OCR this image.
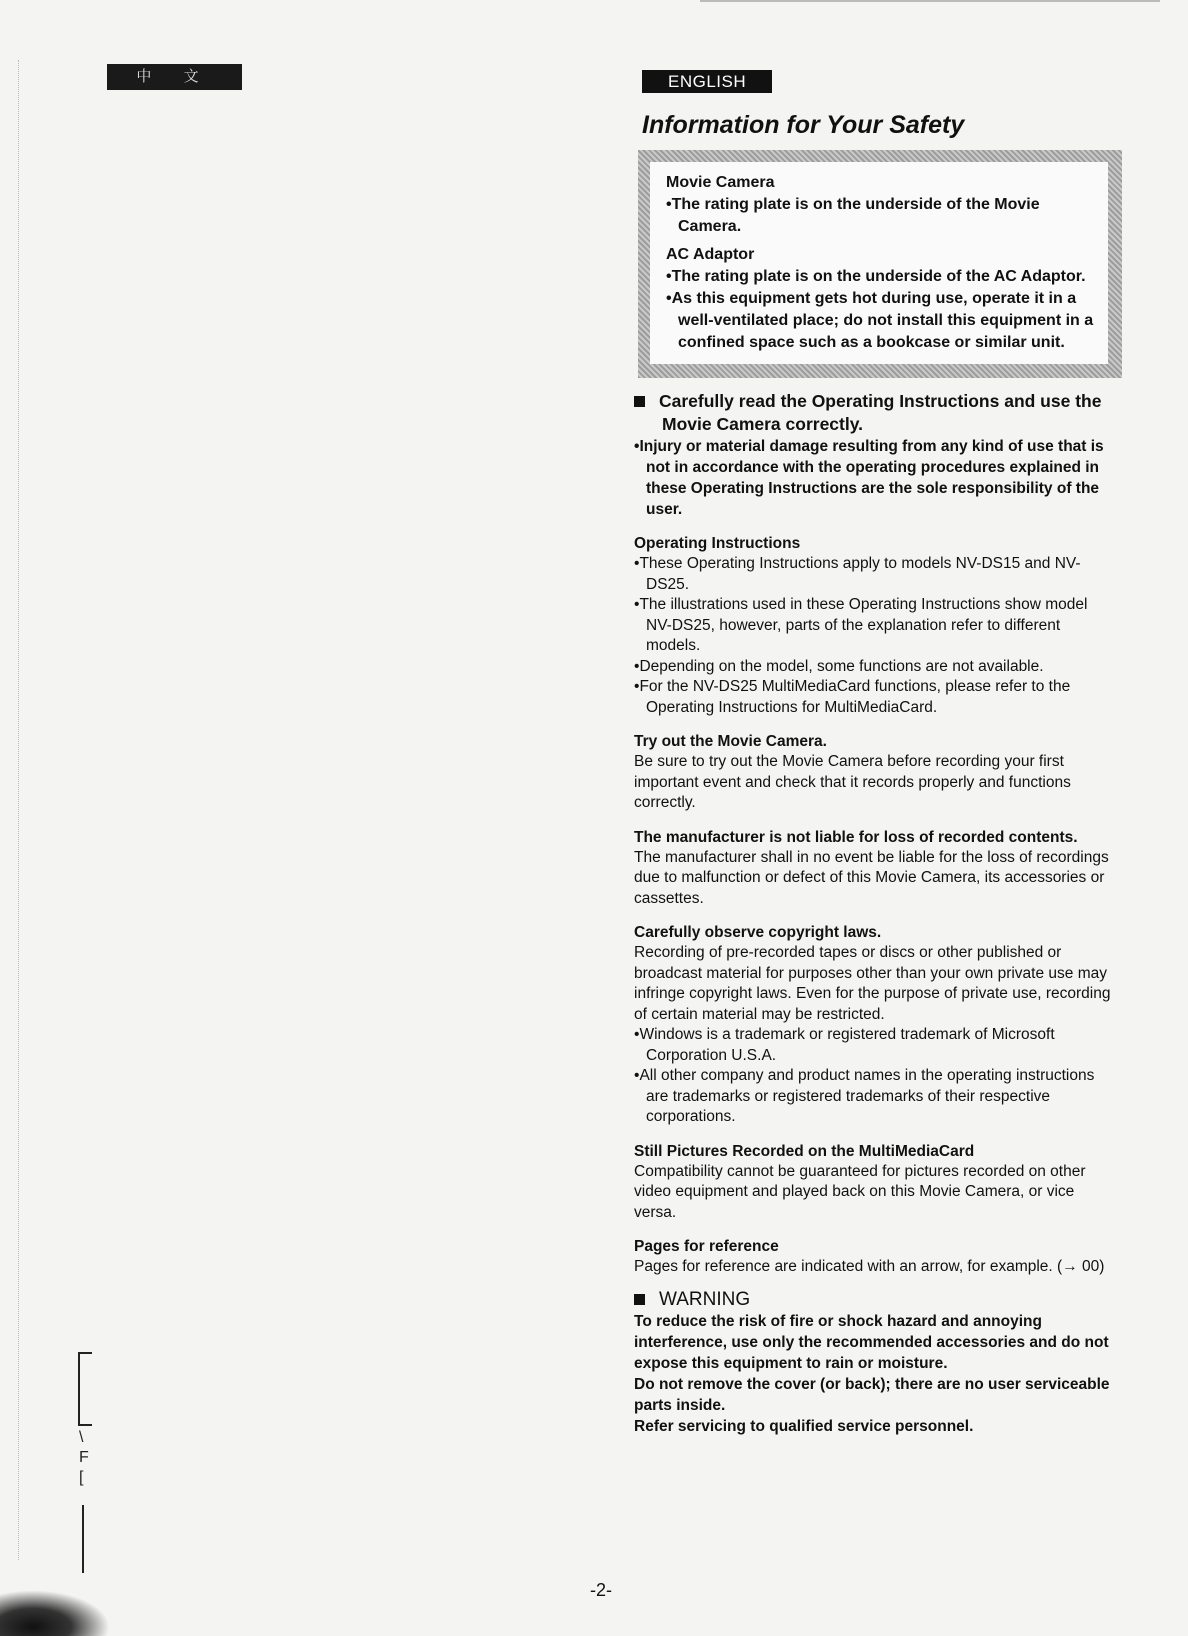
中 文
\
F
[
ENGLISH
Information for Your Safety
Movie Camera
• The rating plate is on the underside of the Movie Camera.
AC Adaptor
• The rating plate is on the underside of the AC Adaptor.
• As this equipment gets hot during use, operate it in a well-ventilated place; do not install this equipment in a confined space such as a bookcase or similar unit.
Carefully read the Operating Instructions and use the Movie Camera correctly.
• Injury or material damage resulting from any kind of use that is not in accordance with the operating procedures explained in these Operating Instructions are the sole responsibility of the user.
Operating Instructions
• These Operating Instructions apply to models NV-DS15 and NV-DS25.
• The illustrations used in these Operating Instructions show model NV-DS25, however, parts of the explanation refer to different models.
• Depending on the model, some functions are not available.
• For the NV-DS25 MultiMediaCard functions, please refer to the Operating Instructions for MultiMediaCard.
Try out the Movie Camera.
Be sure to try out the Movie Camera before recording your first important event and check that it records properly and functions correctly.
The manufacturer is not liable for loss of recorded contents.
The manufacturer shall in no event be liable for the loss of recordings due to malfunction or defect of this Movie Camera, its accessories or cassettes.
Carefully observe copyright laws.
Recording of pre-recorded tapes or discs or other published or broadcast material for purposes other than your own private use may infringe copyright laws. Even for the purpose of private use, recording of certain material may be restricted.
• Windows is a trademark or registered trademark of Microsoft Corporation U.S.A.
• All other company and product names in the operating instructions are trademarks or registered trademarks of their respective corporations.
Still Pictures Recorded on the MultiMediaCard
Compatibility cannot be guaranteed for pictures recorded on other video equipment and played back on this Movie Camera, or vice versa.
Pages for reference
Pages for reference are indicated with an arrow, for example. (→ 00)
WARNING
To reduce the risk of fire or shock hazard and annoying interference, use only the recommended accessories and do not expose this equipment to rain or moisture.
Do not remove the cover (or back); there are no user serviceable parts inside.
Refer servicing to qualified service personnel.
-2-
